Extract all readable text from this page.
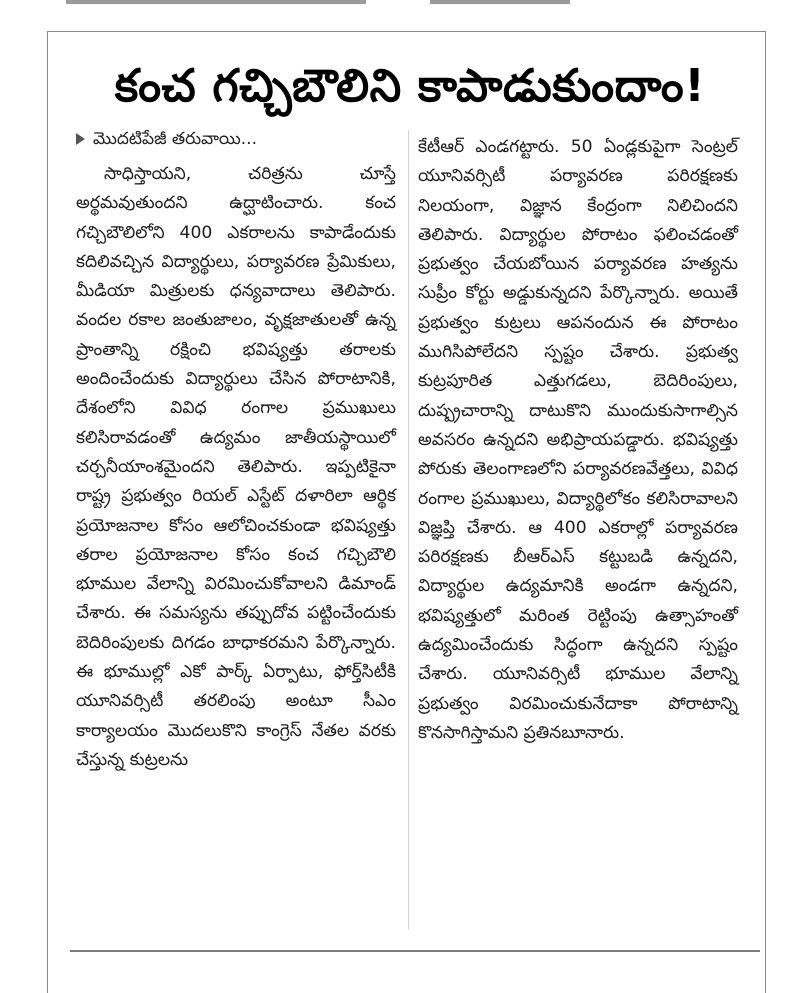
కంచ గచ్చిబౌలిని కాపాడుకుందాం!
మొదటిపేజీ తరువాయి...

సాధిస్తాయని, చరిత్రను చూస్తే అర్థమవుతుందని ఉద్ఘాటించారు. కంచ గచ్చిబౌలిలోని 400 ఎకరాలను కాపాడేందుకు కదిలివచ్చిన విద్యార్థులు, పర్యావరణ ప్రేమికులు, మీడియా మిత్రులకు ధన్యవాదాలు తెలిపారు. వందల రకాల జంతుజాలం, వృక్షజాతులతో ఉన్న ప్రాంతాన్ని రక్షించి భవిష్యత్తు తరాలకు అందించేందుకు విద్యార్థులు చేసిన పోరాటానికి, దేశంలోని వివిధ రంగాల ప్రముఖులు కలిసిరావడంతో ఉద్యమం జాతీయస్థాయిలో చర్చనీయాంశమైందని తెలిపారు. ఇప్పటికైనా రాష్ట్ర ప్రభుత్వం రియల్ ఎస్టేట్ దళారిలా ఆర్థిక ప్రయోజనాల కోసం ఆలోచించకుండా భవిష్యత్తు తరాల ప్రయోజనాల కోసం కంచ గచ్చిబౌలి భూముల వేలాన్ని విరమించుకోవాలని డిమాండ్ చేశారు. ఈ సమస్యను తప్పుదోవ పట్టించేందుకు బెదిరింపులకు దిగడం బాధాకరమని పేర్కొన్నారు. ఈ భూముల్లో ఎకో పార్క్ ఏర్పాటు, ఫోర్త్‌సిటీకి యూనివర్సిటీ తరలింపు అంటూ సీఎం కార్యాలయం మొదలుకొని కాంగ్రెస్ నేతల వరకు చేస్తున్న కుట్రలను

కేటీఆర్ ఎండగట్టారు. 50 ఏండ్లకుపైగా సెంట్రల్ యూనివర్సిటీ పర్యావరణ పరిరక్షణకు నిలయంగా, విజ్ఞాన కేంద్రంగా నిలిచిందని తెలిపారు. విద్యార్థుల పోరాటం ఫలించడంతో ప్రభుత్వం చేయబోయిన పర్యావరణ హత్యను సుప్రీం కోర్టు అడ్డుకున్నదని పేర్కొన్నారు. అయితే ప్రభుత్వం కుట్రలు ఆపనందున ఈ పోరాటం ముగిసిపోలేదని స్పష్టం చేశారు. ప్రభుత్వ కుట్రపూరిత ఎత్తుగడలు, బెదిరింపులు, దుష్ప్రచారాన్ని దాటుకొని ముందుకుసాగాల్సిన అవసరం ఉన్నదని అభిప్రాయపడ్డారు. భవిష్యత్తు పోరుకు తెలంగాణలోని పర్యావరణవేత్తలు, వివిధ రంగాల ప్రముఖులు, విద్యార్థిలోకం కలిసిరావాలని విజ్ఞప్తి చేశారు. ఆ 400 ఎకరాల్లో పర్యావరణ పరిరక్షణకు బీఆర్ఎస్ కట్టుబడి ఉన్నదని, విద్యార్థుల ఉద్యమానికి అండగా ఉన్నదని, భవిష్యత్తులో మరింత రెట్టింపు ఉత్సాహంతో ఉద్యమించేందుకు సిద్ధంగా ఉన్నదని స్పష్టం చేశారు. యూనివర్సిటీ భూముల వేలాన్ని ప్రభుత్వం విరమించుకునేదాకా పోరాటాన్ని కొనసాగిస్తామని ప్రతినబూనారు.
